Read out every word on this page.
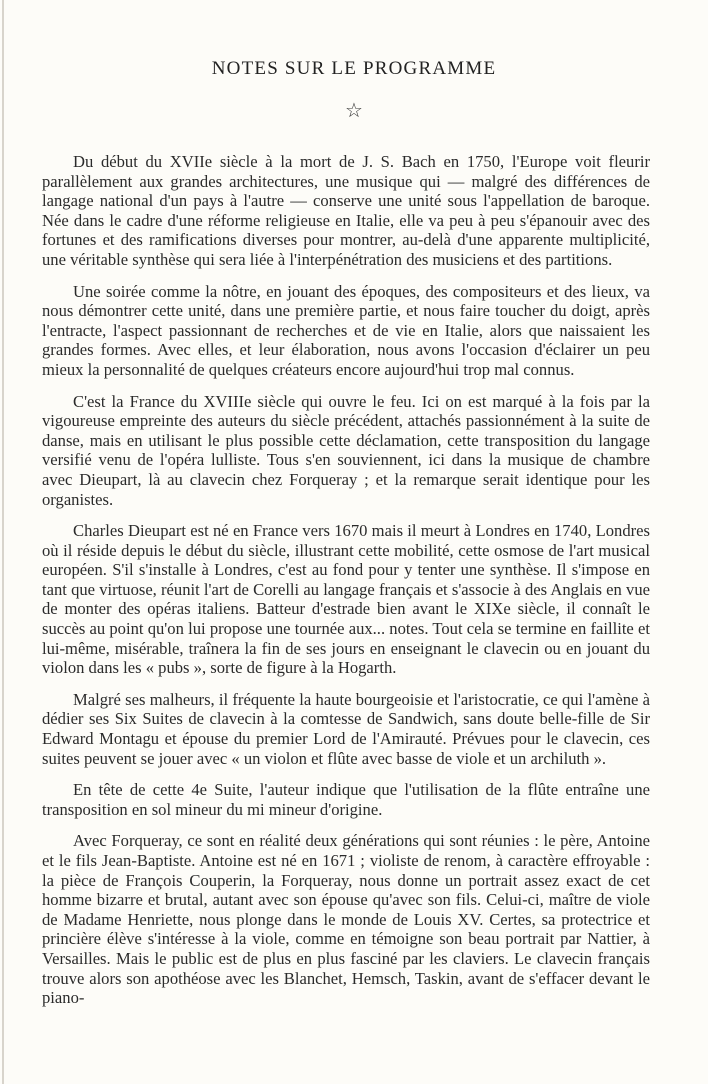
NOTES SUR LE PROGRAMME
☆

Du début du XVIIe siècle à la mort de J. S. Bach en 1750, l'Europe voit fleurir parallèlement aux grandes architectures, une musique qui — malgré des différences de langage national d'un pays à l'autre — conserve une unité sous l'appellation de baroque. Née dans le cadre d'une réforme religieuse en Italie, elle va peu à peu s'épanouir avec des fortunes et des ramifications diverses pour montrer, au-delà d'une apparente multiplicité, une véritable synthèse qui sera liée à l'interpénétration des musiciens et des partitions.

Une soirée comme la nôtre, en jouant des époques, des compositeurs et des lieux, va nous démontrer cette unité, dans une première partie, et nous faire toucher du doigt, après l'entracte, l'aspect passionnant de recherches et de vie en Italie, alors que naissaient les grandes formes. Avec elles, et leur élaboration, nous avons l'occasion d'éclairer un peu mieux la personnalité de quelques créateurs encore aujourd'hui trop mal connus.

C'est la France du XVIIIe siècle qui ouvre le feu. Ici on est marqué à la fois par la vigoureuse empreinte des auteurs du siècle précédent, attachés passionnément à la suite de danse, mais en utilisant le plus possible cette déclamation, cette transposition du langage versifié venu de l'opéra lulliste. Tous s'en souviennent, ici dans la musique de chambre avec Dieupart, là au clavecin chez Forqueray ; et la remarque serait identique pour les organistes.

Charles Dieupart est né en France vers 1670 mais il meurt à Londres en 1740, Londres où il réside depuis le début du siècle, illustrant cette mobilité, cette osmose de l'art musical européen. S'il s'installe à Londres, c'est au fond pour y tenter une synthèse. Il s'impose en tant que virtuose, réunit l'art de Corelli au langage français et s'associe à des Anglais en vue de monter des opéras italiens. Batteur d'estrade bien avant le XIXe siècle, il connaît le succès au point qu'on lui propose une tournée aux... notes. Tout cela se termine en faillite et lui-même, misérable, traînera la fin de ses jours en enseignant le clavecin ou en jouant du violon dans les « pubs », sorte de figure à la Hogarth.

Malgré ses malheurs, il fréquente la haute bourgeoisie et l'aristocratie, ce qui l'amène à dédier ses Six Suites de clavecin à la comtesse de Sandwich, sans doute belle-fille de Sir Edward Montagu et épouse du premier Lord de l'Amirauté. Prévues pour le clavecin, ces suites peuvent se jouer avec « un violon et flûte avec basse de viole et un archiluth ».

En tête de cette 4e Suite, l'auteur indique que l'utilisation de la flûte entraîne une transposition en sol mineur du mi mineur d'origine.

Avec Forqueray, ce sont en réalité deux générations qui sont réunies : le père, Antoine et le fils Jean-Baptiste. Antoine est né en 1671 ; violiste de renom, à caractère effroyable : la pièce de François Couperin, la Forqueray, nous donne un portrait assez exact de cet homme bizarre et brutal, autant avec son épouse qu'avec son fils. Celui-ci, maître de viole de Madame Henriette, nous plonge dans le monde de Louis XV. Certes, sa protectrice et princière élève s'intéresse à la viole, comme en témoigne son beau portrait par Nattier, à Versailles. Mais le public est de plus en plus fasciné par les claviers. Le clavecin français trouve alors son apothéose avec les Blanchet, Hemsch, Taskin, avant de s'effacer devant le piano-
